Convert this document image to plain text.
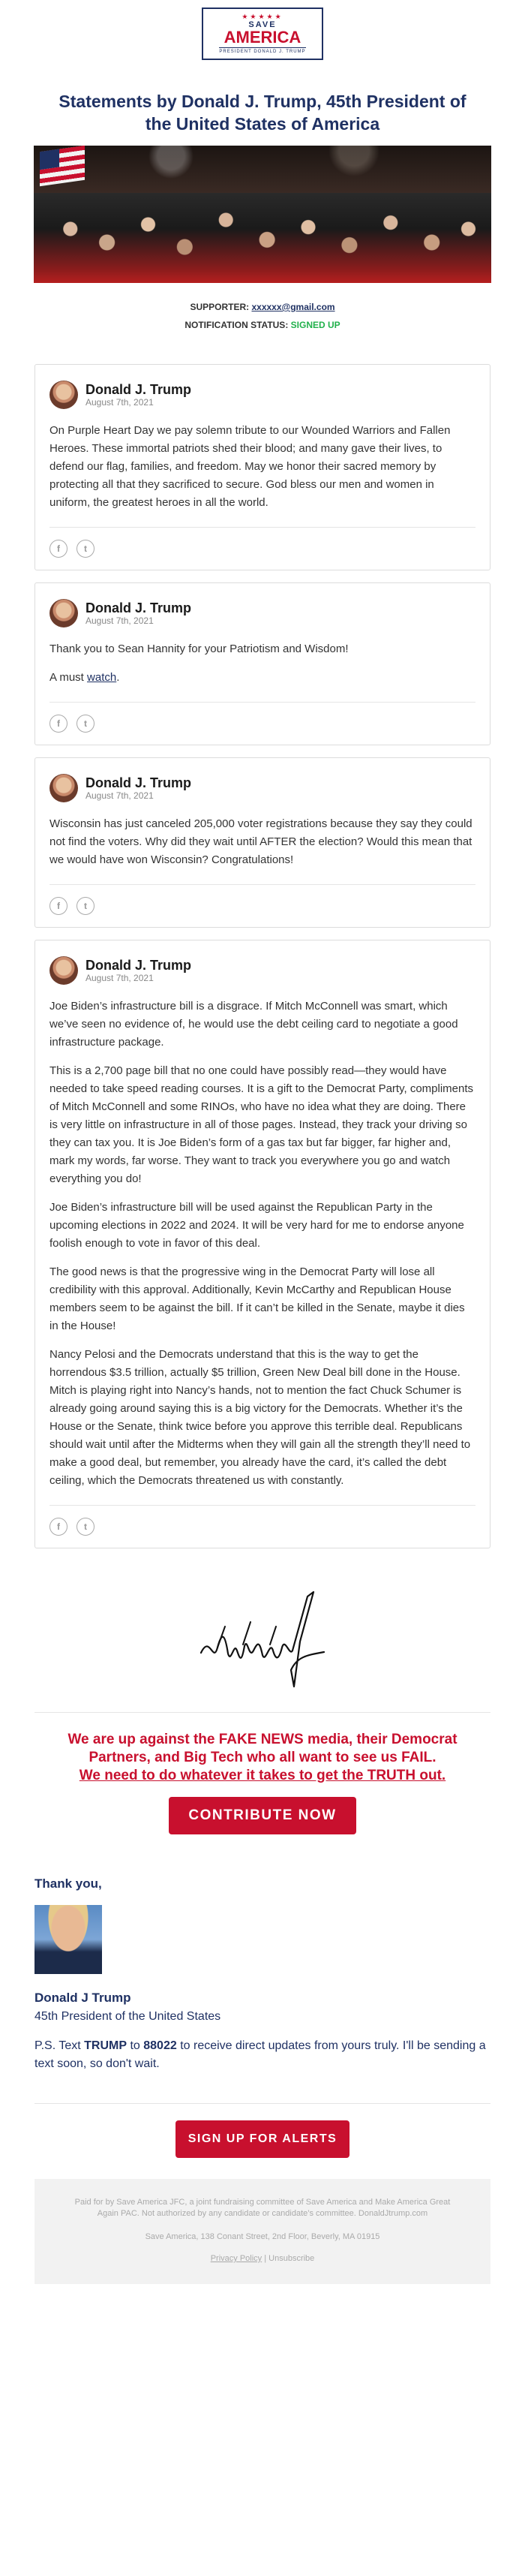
★★★★★
SAVE
AMERICA
PRESIDENT DONALD J. TRUMP
Statements by Donald J. Trump, 45th President of the United States of America
SUPPORTER: xxxxxx@gmail.com
NOTIFICATION STATUS: SIGNED UP
Donald J. Trump
August 7th, 2021

On Purple Heart Day we pay solemn tribute to our Wounded Warriors and Fallen Heroes. These immortal patriots shed their blood; and many gave their lives, to defend our flag, families, and freedom. May we honor their sacred memory by protecting all that they sacrificed to secure. God bless our men and women in uniform, the greatest heroes in all the world.

f	t
Donald J. Trump
August 7th, 2021

Thank you to Sean Hannity for your Patriotism and Wisdom!

A must watch.

f	t
Donald J. Trump
August 7th, 2021

Wisconsin has just canceled 205,000 voter registrations because they say they could not find the voters. Why did they wait until AFTER the election? Would this mean that we would have won Wisconsin? Congratulations!

f	t
Donald J. Trump
August 7th, 2021

Joe Biden’s infrastructure bill is a disgrace. If Mitch McConnell was smart, which we’ve seen no evidence of, he would use the debt ceiling card to negotiate a good infrastructure package.

This is a 2,700 page bill that no one could have possibly read—they would have needed to take speed reading courses. It is a gift to the Democrat Party, compliments of Mitch McConnell and some RINOs, who have no idea what they are doing. There is very little on infrastructure in all of those pages. Instead, they track your driving so they can tax you. It is Joe Biden’s form of a gas tax but far bigger, far higher and, mark my words, far worse. They want to track you everywhere you go and watch everything you do!

Joe Biden’s infrastructure bill will be used against the Republican Party in the upcoming elections in 2022 and 2024. It will be very hard for me to endorse anyone foolish enough to vote in favor of this deal.

The good news is that the progressive wing in the Democrat Party will lose all credibility with this approval. Additionally, Kevin McCarthy and Republican House members seem to be against the bill. If it can’t be killed in the Senate, maybe it dies in the House!

Nancy Pelosi and the Democrats understand that this is the way to get the horrendous $3.5 trillion, actually $5 trillion, Green New Deal bill done in the House. Mitch is playing right into Nancy’s hands, not to mention the fact Chuck Schumer is already going around saying this is a big victory for the Democrats. Whether it’s the House or the Senate, think twice before you approve this terrible deal. Republicans should wait until after the Midterms when they will gain all the strength they’ll need to make a good deal, but remember, you already have the card, it’s called the debt ceiling, which the Democrats threatened us with constantly.

f	t
We are up against the FAKE NEWS media, their Democrat Partners, and Big Tech who all want to see us FAIL.
We need to do whatever it takes to get the TRUTH out.
CONTRIBUTE NOW
Thank you,
Donald J Trump
45th President of the United States
P.S. Text TRUMP to 88022 to receive direct updates from yours truly. I'll be sending a text soon, so don't wait.
SIGN UP FOR ALERTS
Paid for by Save America JFC, a joint fundraising committee of Save America and Make America Great Again PAC. Not authorized by any candidate or candidate’s committee. DonaldJtrump.com
Save America, 138 Conant Street, 2nd Floor, Beverly, MA 01915
Privacy Policy | Unsubscribe
